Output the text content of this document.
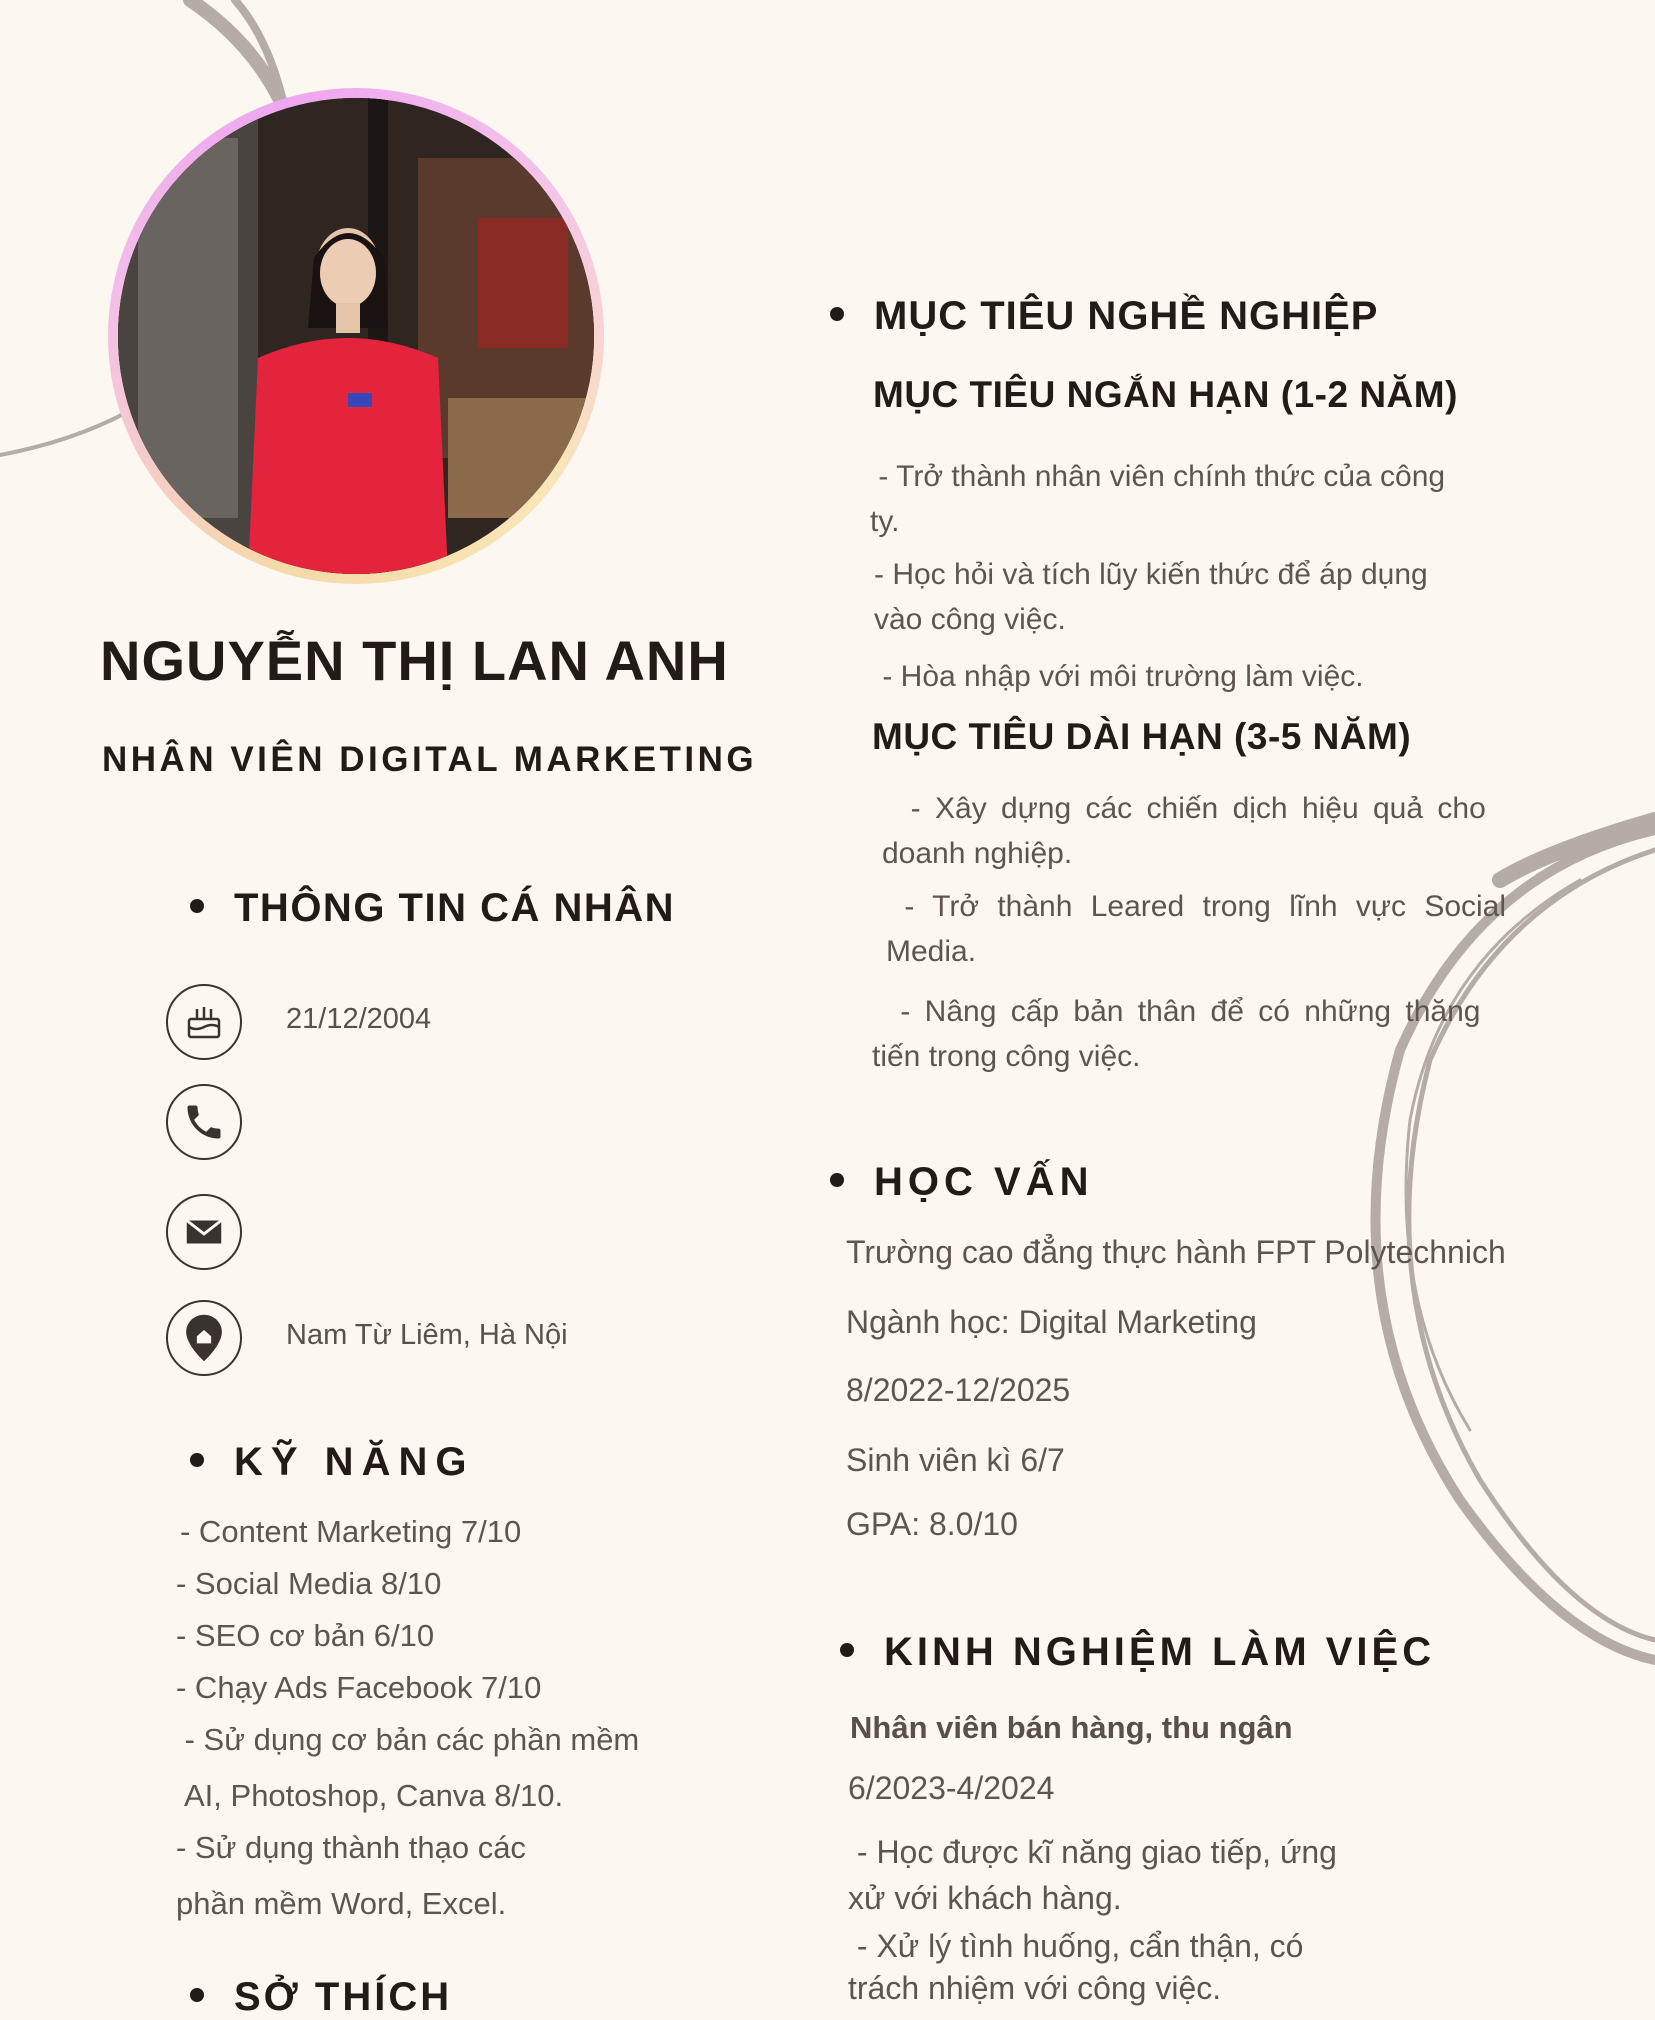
NGUYỄN THỊ LAN ANH
NHÂN VIÊN DIGITAL MARKETING
THÔNG TIN CÁ NHÂN
21/12/2004
Nam Từ Liêm, Hà Nội
KỸ NĂNG
- Content Marketing 7/10
- Social Media 8/10
- SEO cơ bản 6/10
- Chạy Ads Facebook 7/10
- Sử dụng cơ bản các phần mềm
AI, Photoshop, Canva 8/10.
- Sử dụng thành thạo các
phần mềm Word, Excel.
SỞ THÍCH
MỤC TIÊU NGHỀ NGHIỆP
MỤC TIÊU NGẮN HẠN (1-2 NĂM)
- Trở thành nhân viên chính thức của công
ty.
- Học hỏi và tích lũy kiến thức để áp dụng
vào công việc.
- Hòa nhập với môi trường làm việc.
MỤC TIÊU DÀI HẠN (3-5 NĂM)
- Xây dựng các chiến dịch hiệu quả cho
doanh nghiệp.
- Trở thành Leared trong lĩnh vực Social
Media.
- Nâng cấp bản thân để có những thăng
tiến trong công việc.
HỌC VẤN
Trường cao đẳng thực hành FPT Polytechnich
Ngành học: Digital Marketing
8/2022-12/2025
Sinh viên kì 6/7
GPA: 8.0/10
KINH NGHIỆM LÀM VIỆC
Nhân viên bán hàng, thu ngân
6/2023-4/2024
- Học được kĩ năng giao tiếp, ứng
xử với khách hàng.
- Xử lý tình huống, cẩn thận, có
trách nhiệm với công việc.
